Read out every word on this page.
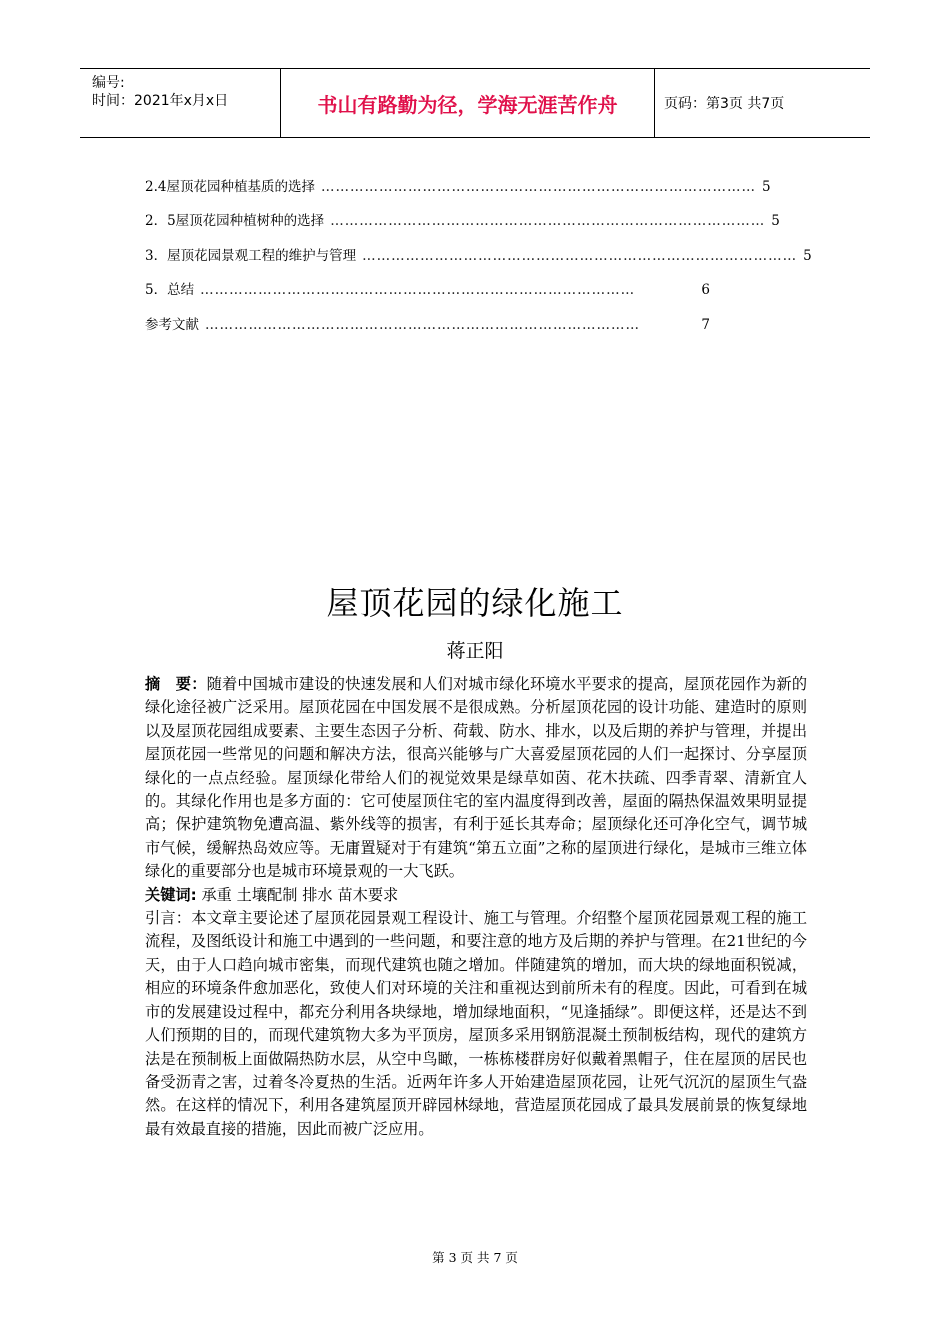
编号:
时间：2021年x月x日	书山有路勤为径，学海无涯苦作舟	页码：第3页 共7页
2.4屋顶花园种植基质的选择 ……………………………………………………………………………… 5
2．5屋顶花园种植树种的选择 ……………………………………………………………………………… 5
3．屋顶花园景观工程的维护与管理 ……………………………………………………………………………… 5
5．总结 ………………………………………………………………………………	6
参考文献 ………………………………………………………………………………	7
屋顶花园的绿化施工
蒋正阳

摘　要：随着中国城市建设的快速发展和人们对城市绿化环境水平要求的提高，屋顶花园作为新的绿化途径被广泛采用。屋顶花园在中国发展不是很成熟。分析屋顶花园的设计功能、建造时的原则以及屋顶花园组成要素、主要生态因子分析、荷载、防水、排水，以及后期的养护与管理，并提出屋顶花园一些常见的问题和解决方法，很高兴能够与广大喜爱屋顶花园的人们一起探讨、分享屋顶绿化的一点点经验。屋顶绿化带给人们的视觉效果是绿草如茵、花木扶疏、四季青翠、清新宜人的。其绿化作用也是多方面的：它可使屋顶住宅的室内温度得到改善，屋面的隔热保温效果明显提高；保护建筑物免遭高温、紫外线等的损害，有利于延长其寿命；屋顶绿化还可净化空气，调节城市气候，缓解热岛效应等。无庸置疑对于有建筑“第五立面”之称的屋顶进行绿化，是城市三维立体绿化的重要部分也是城市环境景观的一大飞跃。

关键词: 承重 土壤配制 排水 苗木要求

引言：本文章主要论述了屋顶花园景观工程设计、施工与管理。介绍整个屋顶花园景观工程的施工流程，及图纸设计和施工中遇到的一些问题，和要注意的地方及后期的养护与管理。在21世纪的今天，由于人口趋向城市密集，而现代建筑也随之增加。伴随建筑的增加，而大块的绿地面积锐减，相应的环境条件愈加恶化，致使人们对环境的关注和重视达到前所未有的程度。因此，可看到在城市的发展建设过程中，都充分利用各块绿地，增加绿地面积，“见逢插绿”。即便这样，还是达不到人们预期的目的，而现代建筑物大多为平顶房，屋顶多采用钢筋混凝土预制板结构，现代的建筑方法是在预制板上面做隔热防水层，从空中鸟瞰，一栋栋楼群房好似戴着黑帽子，住在屋顶的居民也备受沥青之害，过着冬冷夏热的生活。近两年许多人开始建造屋顶花园，让死气沉沉的屋顶生气盎然。在这样的情况下，利用各建筑屋顶开辟园林绿地，营造屋顶花园成了最具发展前景的恢复绿地最有效最直接的措施，因此而被广泛应用。

第 3 页 共 7 页
